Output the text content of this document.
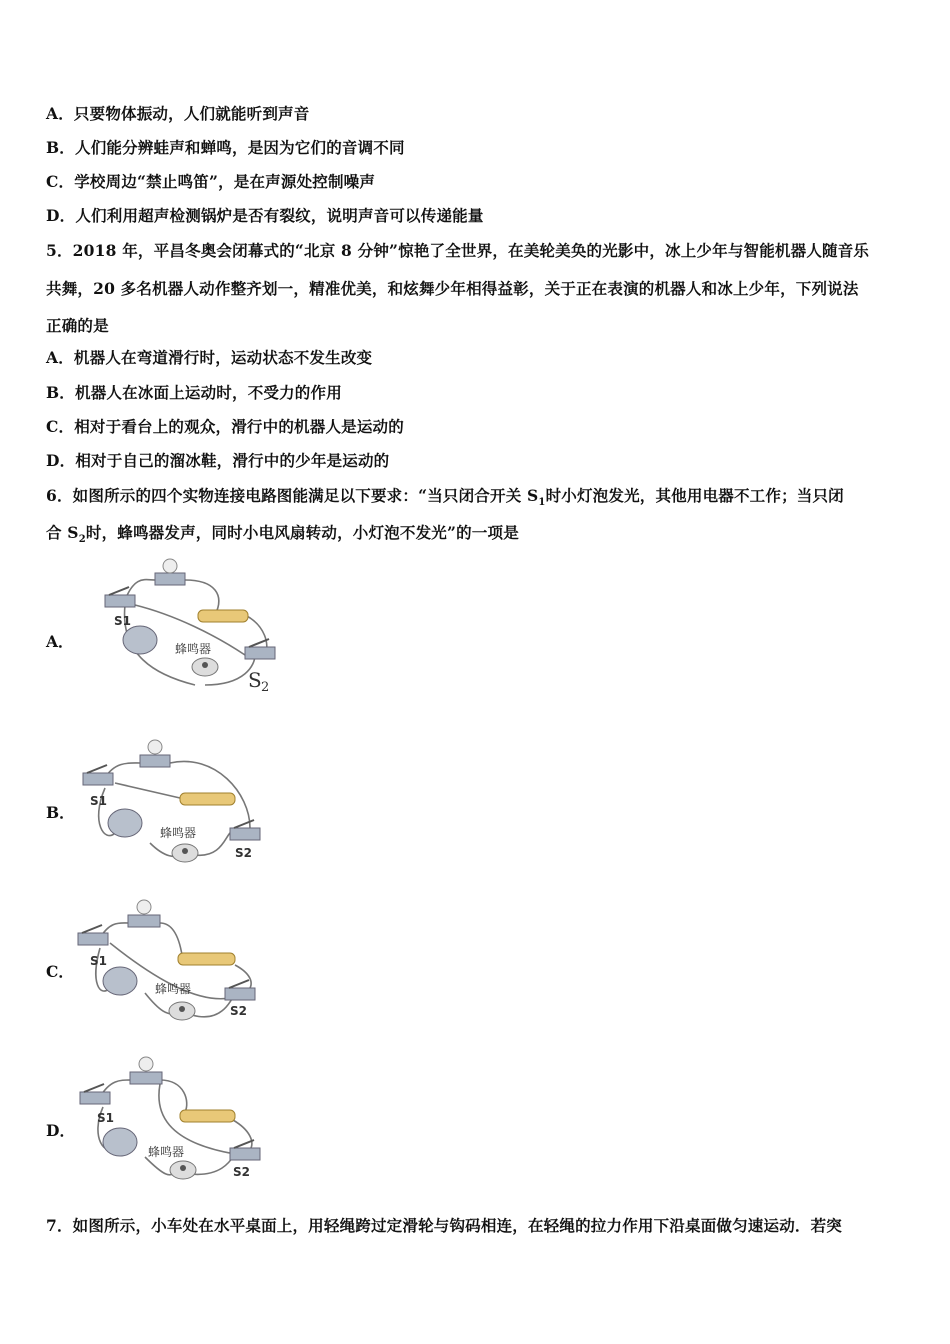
A．只要物体振动，人们就能听到声音
B．人们能分辨蛙声和蝉鸣，是因为它们的音调不同
C．学校周边“禁止鸣笛”，是在声源处控制噪声
D．人们利用超声检测锅炉是否有裂纹，说明声音可以传递能量
5．2018 年，平昌冬奥会闭幕式的“北京 8 分钟”惊艳了全世界，在美轮美奂的光影中，冰上少年与智能机器人随音乐
共舞，20 多名机器人动作整齐划一，精准优美，和炫舞少年相得益彰，关于正在表演的机器人和冰上少年，下列说法
正确的是
A．机器人在弯道滑行时，运动状态不发生改变
B．机器人在冰面上运动时，不受力的作用
C．相对于看台上的观众，滑行中的机器人是运动的
D．相对于自己的溜冰鞋，滑行中的少年是运动的
6．如图所示的四个实物连接电路图能满足以下要求：“当只闭合开关 $S_1$时小灯泡发光，其他用电器不工作；当只闭
合 $S_2$时，蜂鸣器发声，同时小电风扇转动，小灯泡不发光”的一项是
A．
S1
蜂鸣器
S 2
B．
S1
蜂鸣器
S2
C．
S1
蜂鸣器
S2
D．
S1
蜂鸣器
S2
7．如图所示，小车处在水平桌面上，用轻绳跨过定滑轮与钩码相连，在轻绳的拉力作用下沿桌面做匀速运动．若突
